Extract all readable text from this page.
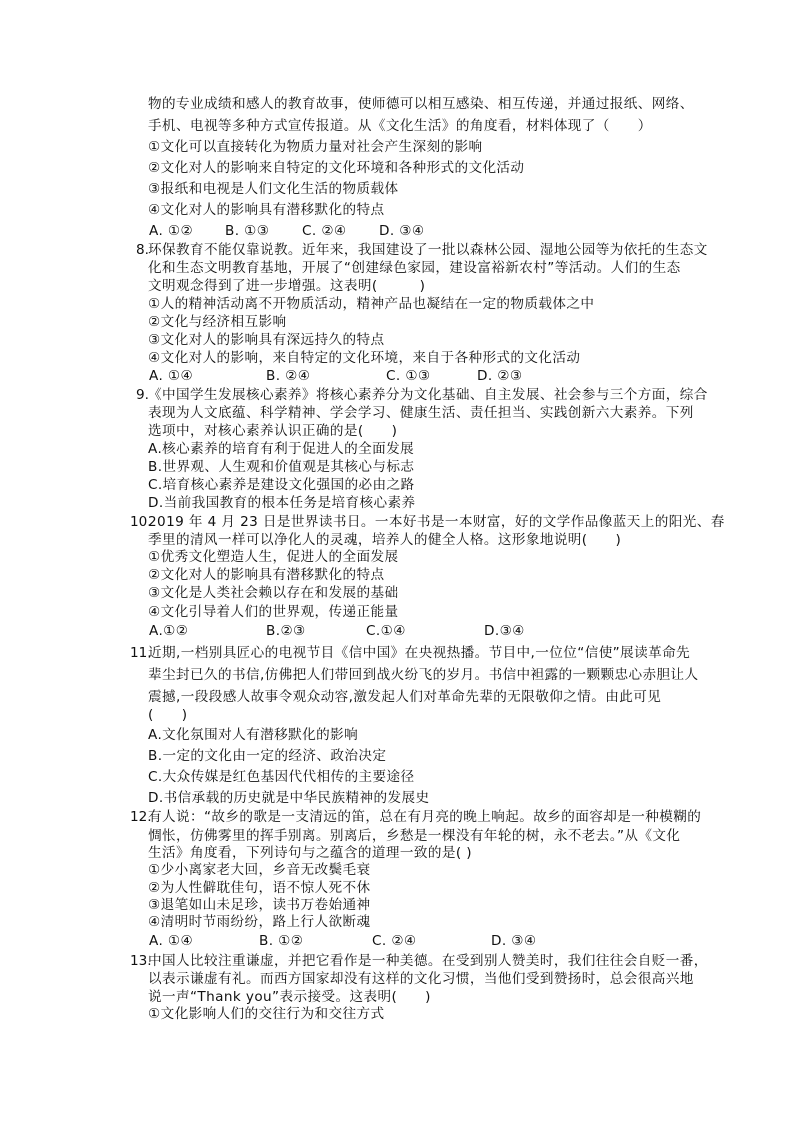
物的专业成绩和感人的教育故事，使师德可以相互感染、相互传递，并通过报纸、网络、
手机、电视等多种方式宣传报道。从《文化生活》的角度看，材料体现了（　　）
①文化可以直接转化为物质力量对社会产生深刻的影响
②文化对人的影响来自特定的文化环境和各种形式的文化活动
③报纸和电视是人们文化生活的物质载体
④文化对人的影响具有潜移默化的特点
A. ①② B. ①③ C. ②④ D. ③④
8. 环保教育不能仅靠说教。近年来，我国建设了一批以森林公园、湿地公园等为依托的生态文
化和生态文明教育基地，开展了“创建绿色家园，建设富裕新农村”等活动。人们的生态
文明观念得到了进一步增强。这表明(　　　)
①人的精神活动离不开物质活动，精神产品也凝结在一定的物质载体之中
②文化与经济相互影响
③文化对人的影响具有深远持久的特点
④文化对人的影响，来自特定的文化环境，来自于各种形式的文化活动
A. ①④	B. ②④	C. ①③	D. ②③
9. 《中国学生发展核心素养》将核心素养分为文化基础、自主发展、社会参与三个方面，综合
表现为人文底蕴、科学精神、学会学习、健康生活、责任担当、实践创新六大素养。下列
选项中，对核心素养认识正确的是(　　)
A.核心素养的培育有利于促进人的全面发展
B.世界观、人生观和价值观是其核心与标志
C.培育核心素养是建设文化强国的必由之路
D.当前我国教育的根本任务是培育核心素养
10.
2019 年 4 月 23 日是世界读书日。一本好书是一本财富，好的文学作品像蓝天上的阳光、春
季里的清风一样可以净化人的灵魂，培养人的健全人格。这形象地说明(　　)
①优秀文化塑造人生，促进人的全面发展
②文化对人的影响具有潜移默化的特点
③文化是人类社会赖以存在和发展的基础
④文化引导着人们的世界观，传递正能量
A.①②	B.②③	C.①④	D.③④
11.
近期,一档别具匠心的电视节目《信中国》在央视热播。节目中,一位位“信使”展读革命先
辈尘封已久的书信,仿佛把人们带回到战火纷飞的岁月。书信中袒露的一颗颗忠心赤胆让人
震撼,一段段感人故事令观众动容,激发起人们对革命先辈的无限敬仰之情。由此可见
(　　)
A.文化氛围对人有潜移默化的影响
B.一定的文化由一定的经济、政治决定
C.大众传媒是红色基因代代相传的主要途径
D.书信承载的历史就是中华民族精神的发展史
12.
有人说：“故乡的歌是一支清远的笛，总在有月亮的晚上响起。故乡的面容却是一种模糊的
惆怅，仿佛雾里的挥手别离。别离后，乡愁是一棵没有年轮的树，永不老去。”从《文化
生活》角度看，下列诗句与之蕴含的道理一致的是( )
①少小离家老大回，乡音无改鬓毛衰
②为人性僻耽佳句，语不惊人死不休
③退笔如山未足珍，读书万卷始通神
④清明时节雨纷纷，路上行人欲断魂
A. ①④	B. ①②	C. ②④	D. ③④
13.
中国人比较注重谦虚，并把它看作是一种美德。在受到别人赞美时，我们往往会自贬一番，
以表示谦虚有礼。而西方国家却没有这样的文化习惯，当他们受到赞扬时，总会很高兴地
说一声“Thank you”表示接受。这表明(　　)
①文化影响人们的交往行为和交往方式
